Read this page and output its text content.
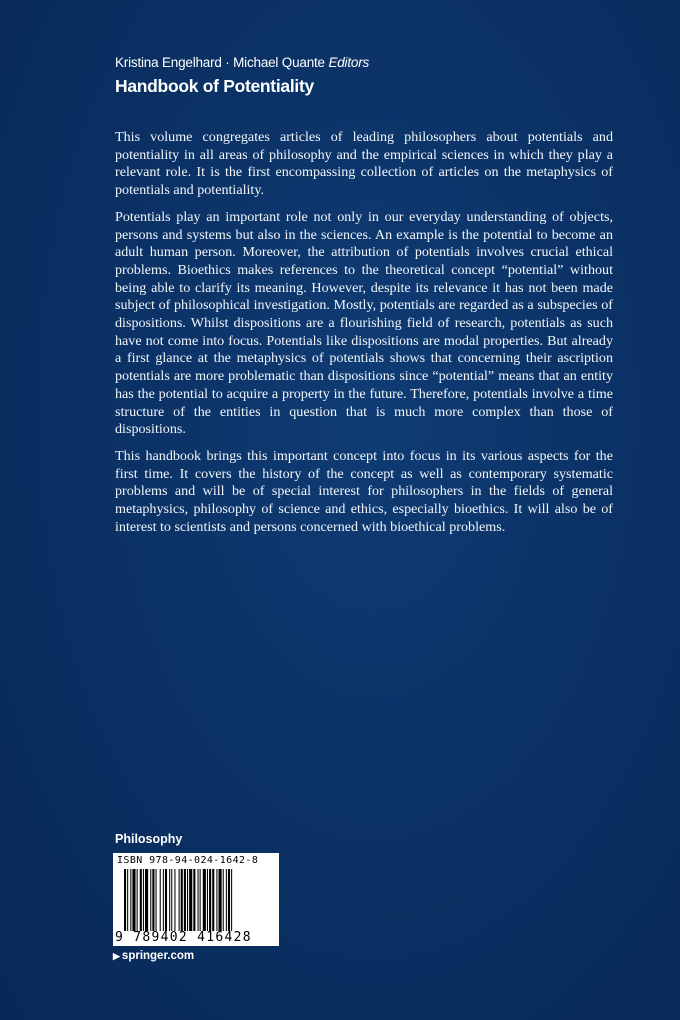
Kristina Engelhard · Michael Quante Editors
Handbook of Potentiality

This volume congregates articles of leading philosophers about potentials and potentiality in all areas of philosophy and the empirical sciences in which they play a relevant role. It is the first encompassing collection of articles on the metaphysics of potentials and potentiality.

Potentials play an important role not only in our everyday understanding of objects, persons and systems but also in the sciences. An example is the potential to become an adult human person. Moreover, the attribution of potentials involves crucial ethical problems. Bioethics makes references to the theoretical concept “potential” without being able to clarify its meaning. However, despite its relevance it has not been made subject of philosophical investigation. Mostly, potentials are regarded as a subspecies of dispositions. Whilst dispositions are a flourishing field of research, potentials as such have not come into focus. Potentials like dispositions are modal properties. But already a first glance at the metaphysics of potentials shows that concerning their ascription potentials are more problematic than dispositions since “potential” means that an entity has the potential to acquire a property in the future. Therefore, potentials involve a time structure of the entities in question that is much more complex than those of dispositions.

This handbook brings this important concept into focus in its various aspects for the first time. It covers the history of the concept as well as contemporary systematic problems and will be of special interest for philosophers in the fields of general metaphysics, philosophy of science and ethics, especially bioethics. It will also be of interest to scientists and persons concerned with bioethical problems.

Philosophy
ISBN 978-94-024-1642-8
9 789402 416428
▶ springer.com
